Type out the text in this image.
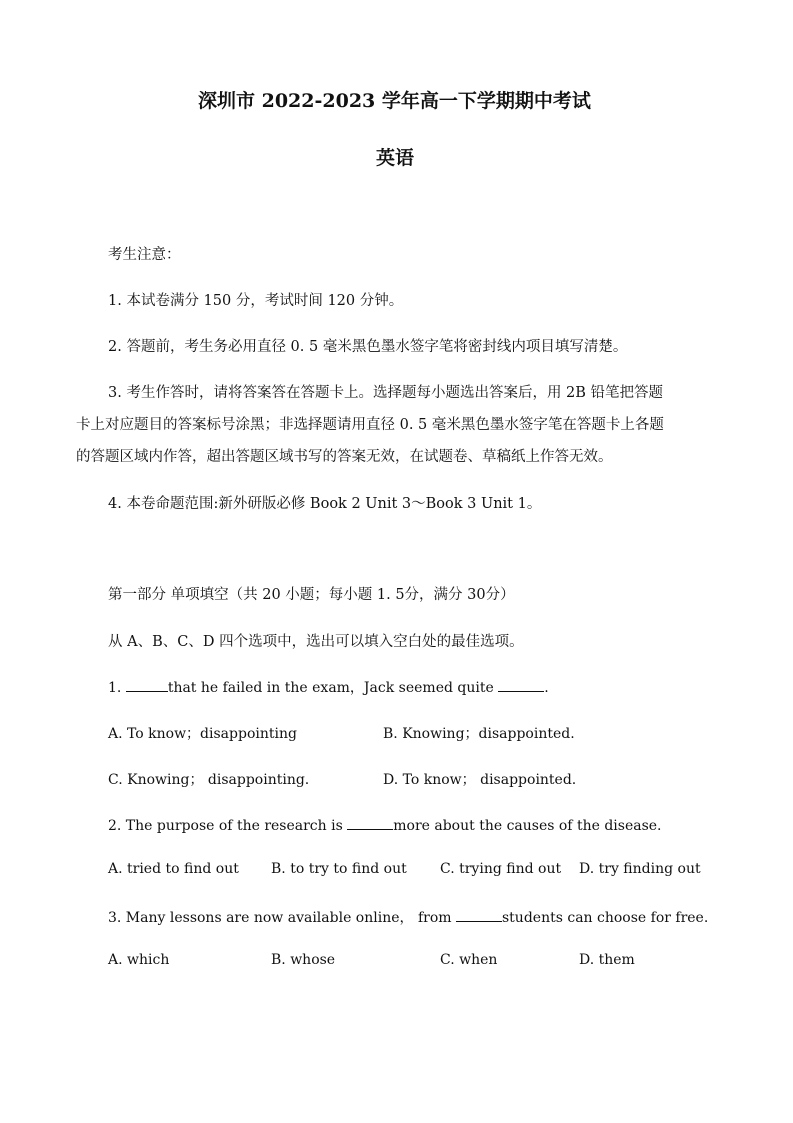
深圳市 2022-2023 学年高一下学期期中考试
英语
考生注意：
1. 本试卷满分 150 分，考试时间 120 分钟。
2. 答题前，考生务必用直径 0. 5 毫米黑色墨水签字笔将密封线内项目填写清楚。
3. 考生作答时，请将答案答在答题卡上。选择题每小题选出答案后，用 2B 铅笔把答题
卡上对应题目的答案标号涂黑；非选择题请用直径 0. 5 毫米黑色墨水签字笔在答题卡上各题
的答题区域内作答，超出答题区域书写的答案无效，在试题卷、草稿纸上作答无效。
4. 本卷命题范围:新外研版必修 Book 2 Unit 3～Book 3 Unit 1。
第一部分 单项填空（共 20 小题；每小题 1. 5分，满分 30分）
从 A、B、C、D 四个选项中，选出可以填入空白处的最佳选项。
1.	that he failed in the exam，Jack seemed quite	.
A. To know；disappointing	B. Knowing；disappointed.
C. Knowing； disappointing.	D. To know； disappointed.
2. The purpose of the research is	more about the causes of the disease.
A. tried to find out B. to try to find out C. trying find out D. try finding out
3. Many lessons are now available online， from	students can choose for free.
A. which	B. whose	C. when	D. them
